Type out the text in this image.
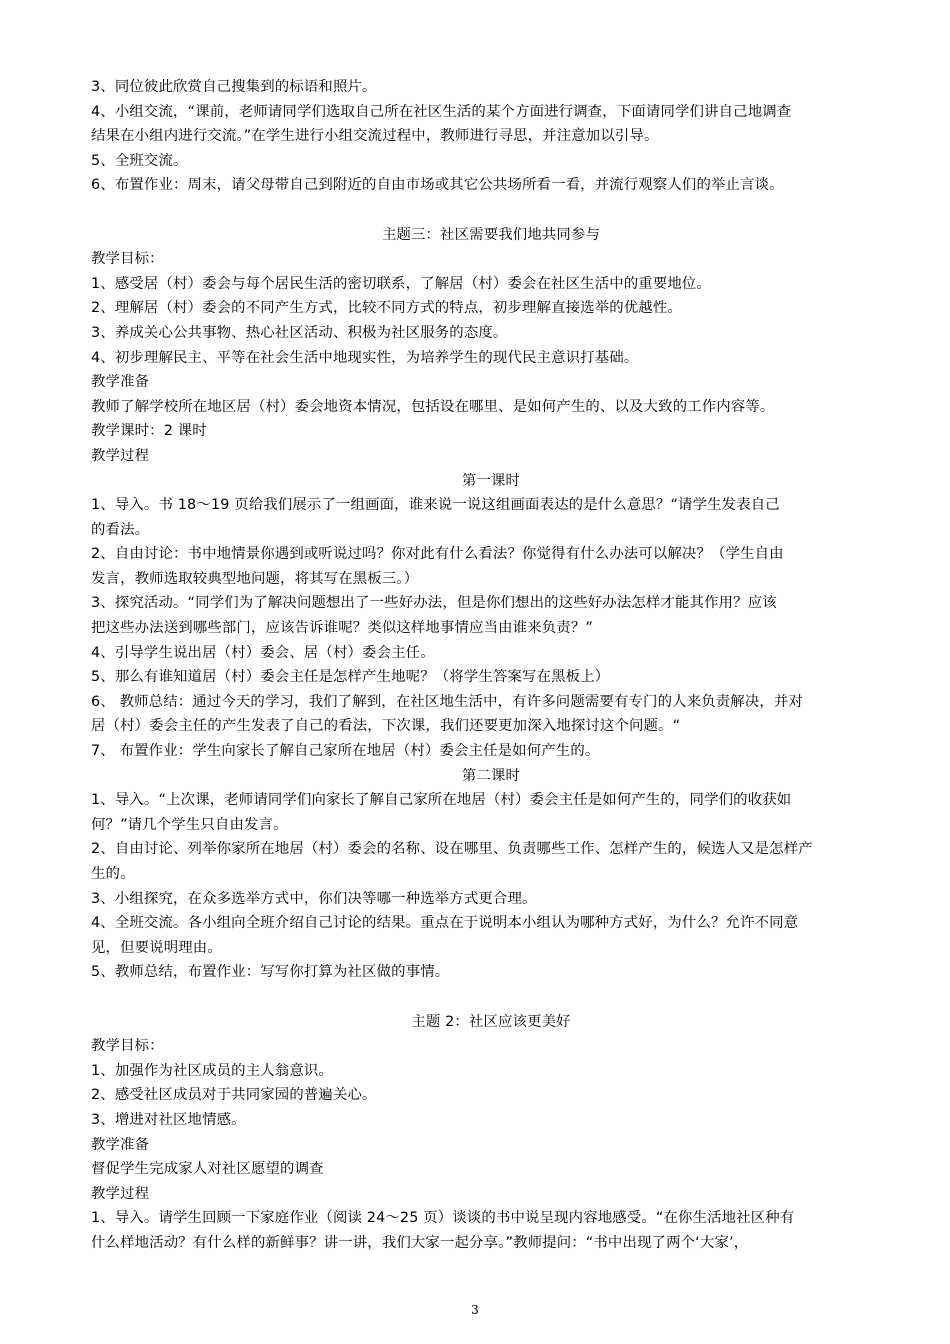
3、同位彼此欣赏自己搜集到的标语和照片。
4、小组交流，“课前，老师请同学们选取自己所在社区生活的某个方面进行调查，下面请同学们讲自己地调查
结果在小组内进行交流。”在学生进行小组交流过程中，教师进行寻思，并注意加以引导。
5、全班交流。
6、布置作业：周末，请父母带自己到附近的自由市场或其它公共场所看一看，并流行观察人们的举止言谈。
主题三：社区需要我们地共同参与
教学目标：
1、感受居（村）委会与每个居民生活的密切联系，了解居（村）委会在社区生活中的重要地位。
2、理解居（村）委会的不同产生方式，比较不同方式的特点，初步理解直接选举的优越性。
3、养成关心公共事物、热心社区活动、积极为社区服务的态度。
4、初步理解民主、平等在社会生活中地现实性，为培养学生的现代民主意识打基础。
教学准备
教师了解学校所在地区居（村）委会地资本情况，包括设在哪里、是如何产生的、以及大致的工作内容等。
教学课时：2 课时
教学过程
第一课时
1、导入。书 18～19 页给我们展示了一组画面，谁来说一说这组画面表达的是什么意思？“请学生发表自己
的看法。
2、自由讨论：书中地情景你遇到或听说过吗？你对此有什么看法？你觉得有什么办法可以解决？（学生自由
发言，教师选取较典型地问题，将其写在黑板三。）
3、探究活动。“同学们为了解决问题想出了一些好办法，但是你们想出的这些好办法怎样才能其作用？应该
把这些办法送到哪些部门，应该告诉谁呢？类似这样地事情应当由谁来负责？”
4、引导学生说出居（村）委会、居（村）委会主任。
5、那么有谁知道居（村）委会主任是怎样产生地呢？（将学生答案写在黑板上）
6、 教师总结：通过今天的学习，我们了解到，在社区地生活中，有许多问题需要有专门的人来负责解决，并对
居（村）委会主任的产生发表了自己的看法，下次课，我们还要更加深入地探讨这个问题。“
7、 布置作业：学生向家长了解自己家所在地居（村）委会主任是如何产生的。
第二课时
1、导入。“上次课，老师请同学们向家长了解自己家所在地居（村）委会主任是如何产生的，同学们的收获如
何？”请几个学生只自由发言。
2、自由讨论、列举你家所在地居（村）委会的名称、设在哪里、负责哪些工作、怎样产生的，候选人又是怎样产
生的。
3、小组探究，在众多选举方式中，你们决等哪一种选举方式更合理。
4、全班交流。各小组向全班介绍自己讨论的结果。重点在于说明本小组认为哪种方式好，为什么？允许不同意
见，但要说明理由。
5、教师总结，布置作业：写写你打算为社区做的事情。
主题 2：社区应该更美好
教学目标：
1、加强作为社区成员的主人翁意识。
2、感受社区成员对于共同家园的普遍关心。
3、增进对社区地情感。
教学准备
督促学生完成家人对社区愿望的调查
教学过程
1、导入。请学生回顾一下家庭作业（阅读 24～25 页）谈谈的书中说呈现内容地感受。“在你生活地社区种有
什么样地活动？有什么样的新鲜事？讲一讲，我们大家一起分享。”教师提问：“书中出现了两个‘大家’，
3
